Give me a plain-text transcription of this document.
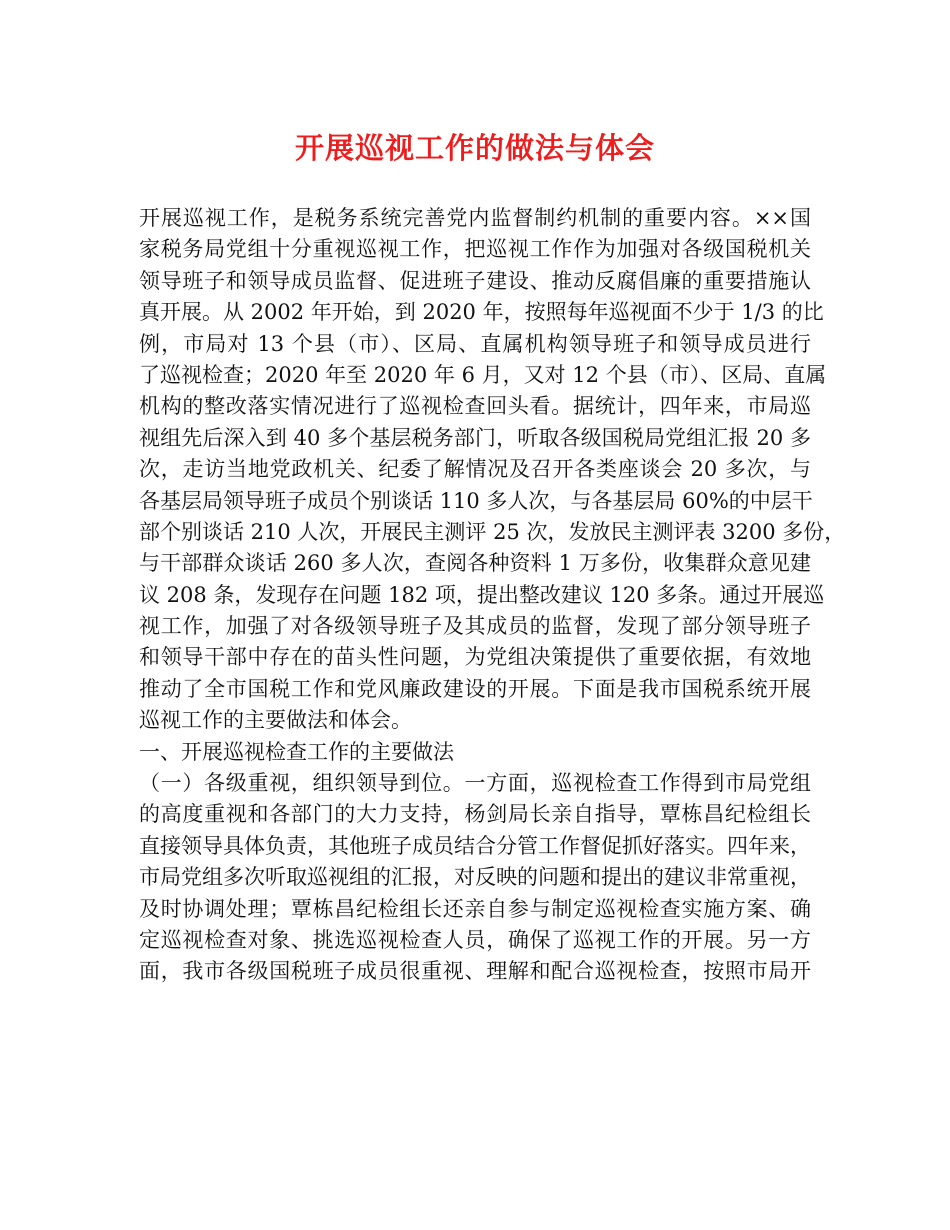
开展巡视工作的做法与体会
开展巡视工作，是税务系统完善党内监督制约机制的重要内容。××国
家税务局党组十分重视巡视工作，把巡视工作作为加强对各级国税机关
领导班子和领导成员监督、促进班子建设、推动反腐倡廉的重要措施认
真开展。从 2002 年开始，到 2020 年，按照每年巡视面不少于 1/3 的比
例，市局对 13 个县（市）、区局、直属机构领导班子和领导成员进行
了巡视检查；2020 年至 2020 年 6 月，又对 12 个县（市）、区局、直属
机构的整改落实情况进行了巡视检查回头看。据统计，四年来，市局巡
视组先后深入到 40 多个基层税务部门，听取各级国税局党组汇报 20 多
次，走访当地党政机关、纪委了解情况及召开各类座谈会 20 多次，与
各基层局领导班子成员个别谈话 110 多人次，与各基层局 60%的中层干
部个别谈话 210 人次，开展民主测评 25 次，发放民主测评表 3200 多份，
与干部群众谈话 260 多人次，查阅各种资料 1 万多份，收集群众意见建
议 208 条，发现存在问题 182 项，提出整改建议 120 多条。通过开展巡
视工作，加强了对各级领导班子及其成员的监督，发现了部分领导班子
和领导干部中存在的苗头性问题，为党组决策提供了重要依据，有效地
推动了全市国税工作和党风廉政建设的开展。下面是我市国税系统开展
巡视工作的主要做法和体会。
一、开展巡视检查工作的主要做法
（一）各级重视，组织领导到位。一方面，巡视检查工作得到市局党组
的高度重视和各部门的大力支持，杨剑局长亲自指导，覃栋昌纪检组长
直接领导具体负责，其他班子成员结合分管工作督促抓好落实。四年来，
市局党组多次听取巡视组的汇报，对反映的问题和提出的建议非常重视，
及时协调处理；覃栋昌纪检组长还亲自参与制定巡视检查实施方案、确
定巡视检查对象、挑选巡视检查人员，确保了巡视工作的开展。另一方
面，我市各级国税班子成员很重视、理解和配合巡视检查，按照市局开
